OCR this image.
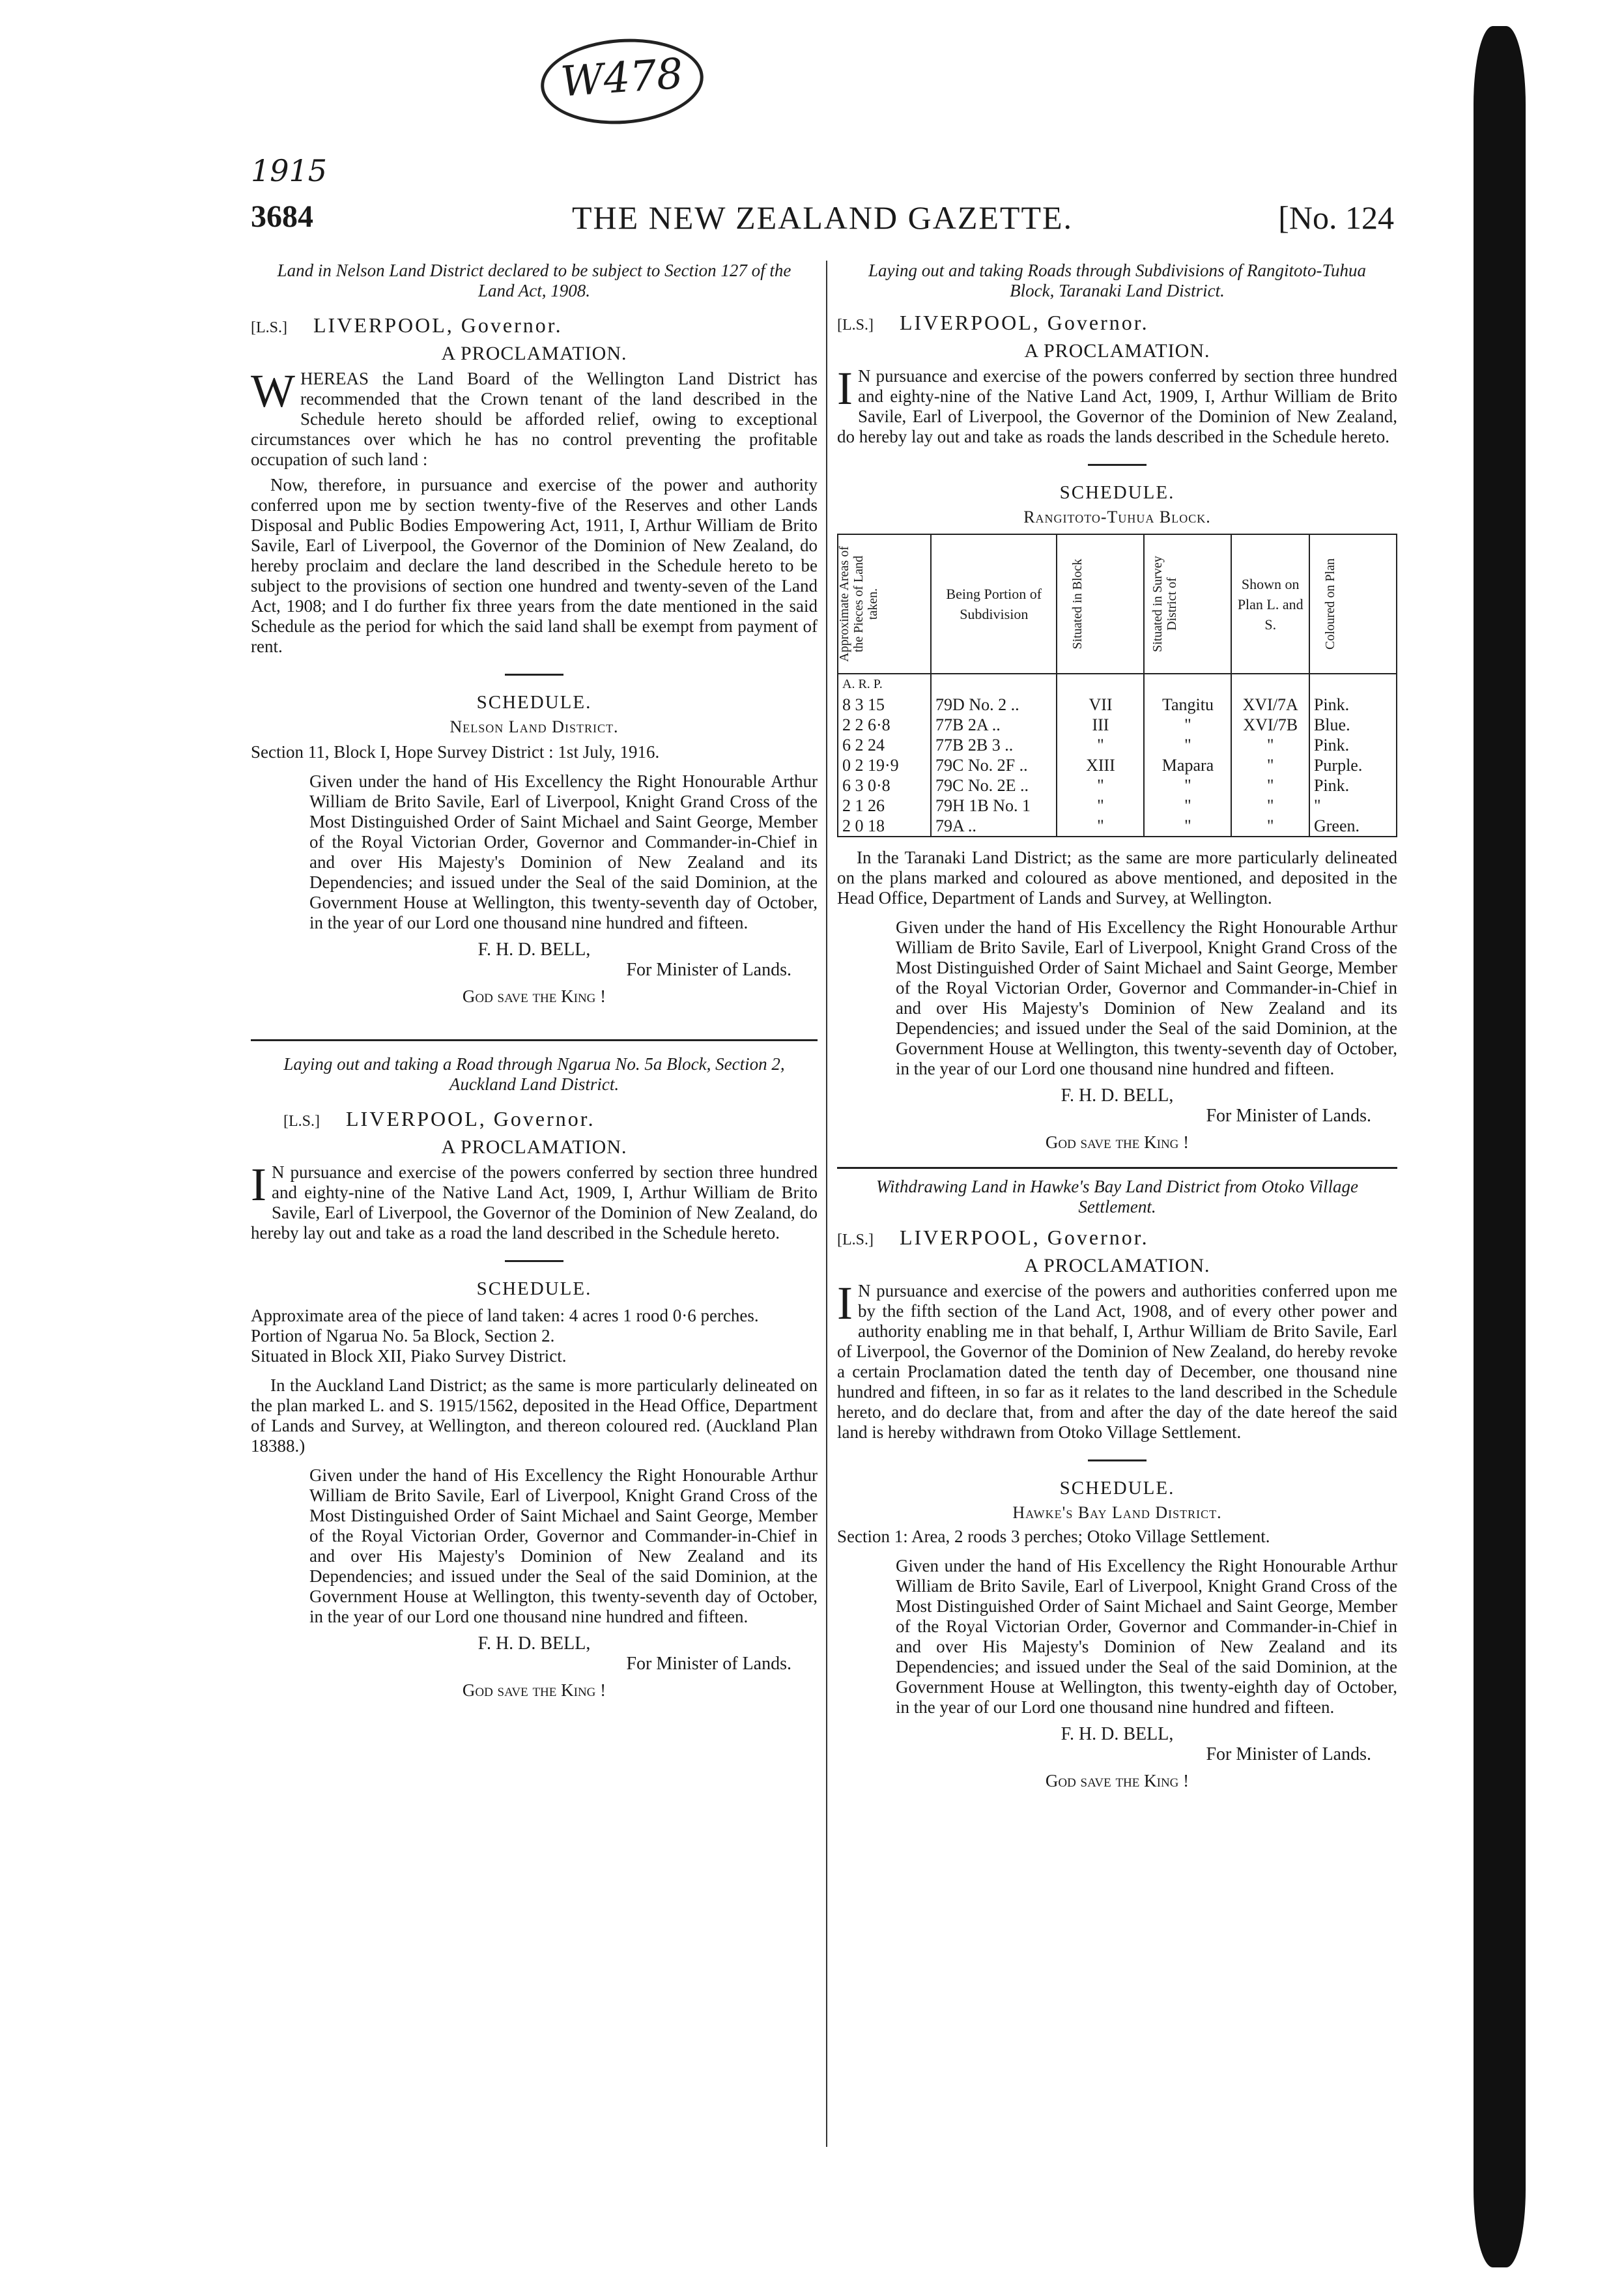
W478
1915
3684	THE NEW ZEALAND GAZETTE.	[No. 124
Land in Nelson Land District declared to be subject to Section 127 of the Land Act, 1908.
[L.S.] LIVERPOOL, Governor.
A PROCLAMATION.

WHEREAS the Land Board of the Wellington Land District has recommended that the Crown tenant of the land described in the Schedule hereto should be afforded relief, owing to exceptional circumstances over which he has no control preventing the profitable occupation of such land :

Now, therefore, in pursuance and exercise of the power and authority conferred upon me by section twenty-five of the Reserves and other Lands Disposal and Public Bodies Empowering Act, 1911, I, Arthur William de Brito Savile, Earl of Liverpool, the Governor of the Dominion of New Zealand, do hereby proclaim and declare the land described in the Schedule hereto to be subject to the provisions of section one hundred and twenty-seven of the Land Act, 1908; and I do further fix three years from the date mentioned in the said Schedule as the period for which the said land shall be exempt from payment of rent.

SCHEDULE.
Nelson Land District.

Section 11, Block I, Hope Survey District : 1st July, 1916.

Given under the hand of His Excellency the Right Honourable Arthur William de Brito Savile, Earl of Liverpool, Knight Grand Cross of the Most Distinguished Order of Saint Michael and Saint George, Member of the Royal Victorian Order, Governor and Commander-in-Chief in and over His Majesty's Dominion of New Zealand and its Dependencies; and issued under the Seal of the said Dominion, at the Government House at Wellington, this twenty-seventh day of October, in the year of our Lord one thousand nine hundred and fifteen.

F. H. D. BELL,
For Minister of Lands.
God save the King !
Laying out and taking a Road through Ngarua No. 5a Block, Section 2, Auckland Land District.
[L.S.] LIVERPOOL, Governor.
A PROCLAMATION.

I N pursuance and exercise of the powers conferred by section three hundred and eighty-nine of the Native Land Act, 1909, I, Arthur William de Brito Savile, Earl of Liverpool, the Governor of the Dominion of New Zealand, do hereby lay out and take as a road the land described in the Schedule hereto.

SCHEDULE.

Approximate area of the piece of land taken: 4 acres 1 rood 0·6 perches.

Portion of Ngarua No. 5a Block, Section 2.

Situated in Block XII, Piako Survey District.

In the Auckland Land District; as the same is more particularly delineated on the plan marked L. and S. 1915/1562, deposited in the Head Office, Department of Lands and Survey, at Wellington, and thereon coloured red. (Auckland Plan 18388.)

Given under the hand of His Excellency the Right Honourable Arthur William de Brito Savile, Earl of Liverpool, Knight Grand Cross of the Most Distinguished Order of Saint Michael and Saint George, Member of the Royal Victorian Order, Governor and Commander-in-Chief in and over His Majesty's Dominion of New Zealand and its Dependencies; and issued under the Seal of the said Dominion, at the Government House at Wellington, this twenty-seventh day of October, in the year of our Lord one thousand nine hundred and fifteen.

F. H. D. BELL,
For Minister of Lands.
God save the King !
Laying out and taking Roads through Subdivisions of Rangitoto-Tuhua Block, Taranaki Land District.
[L.S.] LIVERPOOL, Governor.
A PROCLAMATION.

I N pursuance and exercise of the powers conferred by section three hundred and eighty-nine of the Native Land Act, 1909, I, Arthur William de Brito Savile, Earl of Liverpool, the Governor of the Dominion of New Zealand, do hereby lay out and take as roads the lands described in the Schedule hereto.

SCHEDULE.
Rangitoto-Tuhua Block.
Approximate Areas of the Pieces of Land taken.	Being Portion of Subdivision	Situated in Block	Situated in Survey District of	Shown on Plan L. and S.	Coloured on Plan

A. R. P.					
8 3 15	79D No. 2 ..	VII	Tangitu	XVI/7A	Pink.
2 2 6·8	77B 2A ..	III	"	XVI/7B	Blue.
6 2 24	77B 2B 3 ..	"	"	"	Pink.
0 2 19·9	79C No. 2F ..	XIII	Mapara	"	Purple.
6 3 0·8	79C No. 2E ..	"	"	"	Pink.
2 1 26	79H 1B No. 1	"	"	"	"
2 0 18	79A ..	"	"	"	Green.

In the Taranaki Land District; as the same are more particularly delineated on the plans marked and coloured as above mentioned, and deposited in the Head Office, Department of Lands and Survey, at Wellington.

Given under the hand of His Excellency the Right Honourable Arthur William de Brito Savile, Earl of Liverpool, Knight Grand Cross of the Most Distinguished Order of Saint Michael and Saint George, Member of the Royal Victorian Order, Governor and Commander-in-Chief in and over His Majesty's Dominion of New Zealand and its Dependencies; and issued under the Seal of the said Dominion, at the Government House at Wellington, this twenty-seventh day of October, in the year of our Lord one thousand nine hundred and fifteen.

F. H. D. BELL,
For Minister of Lands.
God save the King !
Withdrawing Land in Hawke's Bay Land District from Otoko Village Settlement.
[L.S.] LIVERPOOL, Governor.
A PROCLAMATION.

I N pursuance and exercise of the powers and authorities conferred upon me by the fifth section of the Land Act, 1908, and of every other power and authority enabling me in that behalf, I, Arthur William de Brito Savile, Earl of Liverpool, the Governor of the Dominion of New Zealand, do hereby revoke a certain Proclamation dated the tenth day of December, one thousand nine hundred and fifteen, in so far as it relates to the land described in the Schedule hereto, and do declare that, from and after the day of the date hereof the said land is hereby withdrawn from Otoko Village Settlement.

SCHEDULE.
Hawke's Bay Land District.

Section 1: Area, 2 roods 3 perches; Otoko Village Settlement.

Given under the hand of His Excellency the Right Honourable Arthur William de Brito Savile, Earl of Liverpool, Knight Grand Cross of the Most Distinguished Order of Saint Michael and Saint George, Member of the Royal Victorian Order, Governor and Commander-in-Chief in and over His Majesty's Dominion of New Zealand and its Dependencies; and issued under the Seal of the said Dominion, at the Government House at Wellington, this twenty-eighth day of October, in the year of our Lord one thousand nine hundred and fifteen.

F. H. D. BELL,
For Minister of Lands.
God save the King !
